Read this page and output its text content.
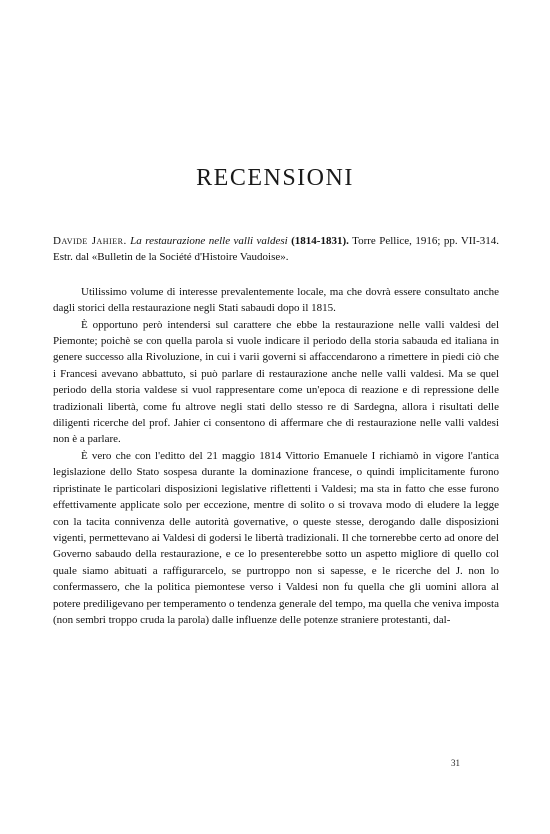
RECENSIONI

Davide Jahier. La restaurazione nelle valli valdesi (1814-1831). Torre Pellice, 1916; pp. VII-314. Estr. dal «Bulletin de la Société d'Histoire Vaudoise».

Utilissimo volume di interesse prevalentemente locale, ma che dovrà essere consultato anche dagli storici della restaurazione negli Stati sabaudi dopo il 1815.

È opportuno però intendersi sul carattere che ebbe la restaurazione nelle valli valdesi del Piemonte; poichè se con quella parola si vuole indicare il periodo della storia sabauda ed italiana in genere successo alla Rivoluzione, in cui i varii governi si affaccendarono a rimettere in piedi ciò che i Francesi avevano abbattuto, si può parlare di restaurazione anche nelle valli valdesi. Ma se quel periodo della storia valdese si vuol rappresentare come un'epoca di reazione e di repressione delle tradizionali libertà, come fu altrove negli stati dello stesso re di Sardegna, allora i risultati delle diligenti ricerche del prof. Jahier ci consentono di affermare che di restaurazione nelle valli valdesi non è a parlare.

È vero che con l'editto del 21 maggio 1814 Vittorio Emanuele I richiamò in vigore l'antica legislazione dello Stato sospesa durante la dominazione francese, o quindi implicitamente furono ripristinate le particolari disposizioni legislative riflettenti i Valdesi; ma sta in fatto che esse furono effettivamente applicate solo per eccezione, mentre di solito o si trovava modo di eludere la legge con la tacita connivenza delle autorità governative, o queste stesse, derogando dalle disposizioni vigenti, permettevano ai Valdesi di godersi le libertà tradizionali. Il che tornerebbe certo ad onore del Governo sabaudo della restaurazione, e ce lo presenterebbe sotto un aspetto migliore di quello col quale siamo abituati a raffigurarcelo, se purtroppo non si sapesse, e le ricerche del J. non lo confermassero, che la politica piemontese verso i Valdesi non fu quella che gli uomini allora al potere prediligevano per temperamento o tendenza generale del tempo, ma quella che veniva imposta (non sembri troppo cruda la parola) dalle influenze delle potenze straniere protestanti, dal-

31
